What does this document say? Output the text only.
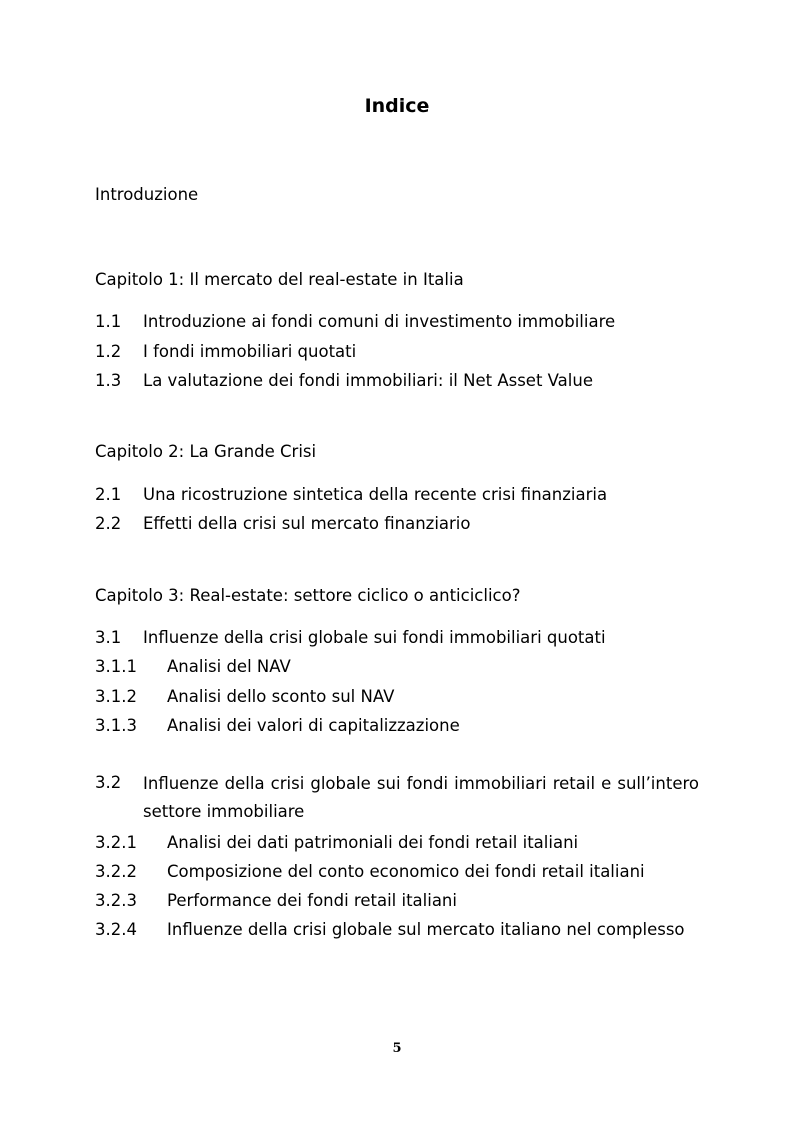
Indice
Introduzione
Capitolo 1: Il mercato del real-estate in Italia
1.1 Introduzione ai fondi comuni di investimento immobiliare
1.2 I fondi immobiliari quotati
1.3 La valutazione dei fondi immobiliari: il Net Asset Value
Capitolo 2: La Grande Crisi
2.1 Una ricostruzione sintetica della recente crisi finanziaria
2.2 Effetti della crisi sul mercato finanziario
Capitolo 3: Real-estate: settore ciclico o anticiclico?
3.1 Influenze della crisi globale sui fondi immobiliari quotati
3.1.1 Analisi del NAV
3.1.2 Analisi dello sconto sul NAV
3.1.3 Analisi dei valori di capitalizzazione
3.2 Influenze della crisi globale sui fondi immobiliari retail e sull’intero
settore immobiliare
3.2.1 Analisi dei dati patrimoniali dei fondi retail italiani
3.2.2 Composizione del conto economico dei fondi retail italiani
3.2.3 Performance dei fondi retail italiani
3.2.4 Influenze della crisi globale sul mercato italiano nel complesso
5
